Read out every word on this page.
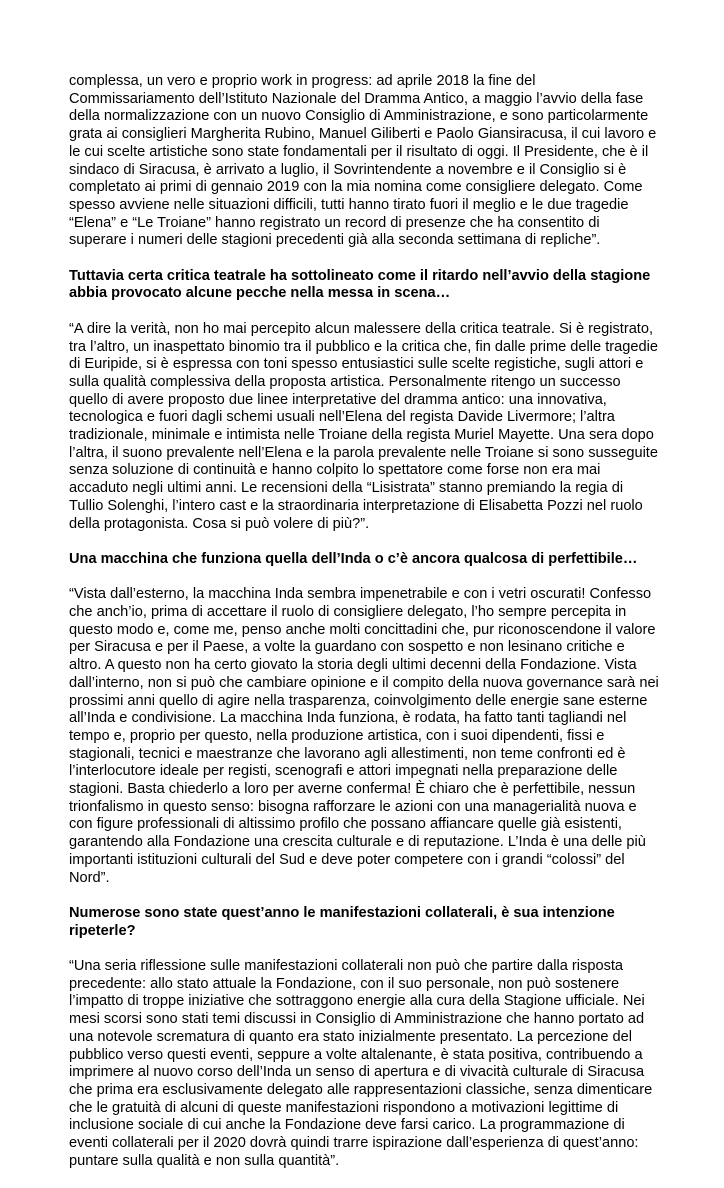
complessa, un vero e proprio work in progress: ad aprile 2018 la fine del Commissariamento dell’Istituto Nazionale del Dramma Antico, a maggio l’avvio della fase della normalizzazione con un nuovo Consiglio di Amministrazione, e sono particolarmente grata ai consiglieri Margherita Rubino, Manuel Giliberti e Paolo Giansiracusa, il cui lavoro e le cui scelte artistiche sono state fondamentali per il risultato di oggi. Il Presidente, che è il sindaco di Siracusa, è arrivato a luglio, il Sovrintendente a novembre e il Consiglio si è completato ai primi di gennaio 2019 con la mia nomina come consigliere delegato. Come spesso avviene nelle situazioni difficili, tutti hanno tirato fuori il meglio e le due tragedie “Elena” e “Le Troiane” hanno registrato un record di presenze che ha consentito di superare i numeri delle stagioni precedenti già alla seconda settimana di repliche”.

Tuttavia certa critica teatrale ha sottolineato come il ritardo nell’avvio della stagione abbia provocato alcune pecche nella messa in scena…

“A dire la verità, non ho mai percepito alcun malessere della critica teatrale. Si è registrato, tra l’altro, un inaspettato binomio tra il pubblico e la critica che, fin dalle prime delle tragedie di Euripide, si è espressa con toni spesso entusiastici sulle scelte registiche, sugli attori e sulla qualità complessiva della proposta artistica. Personalmente ritengo un successo quello di avere proposto due linee interpretative del dramma antico: una innovativa, tecnologica e fuori dagli schemi usuali nell’Elena del regista Davide Livermore; l’altra tradizionale, minimale e intimista nelle Troiane della regista Muriel Mayette. Una sera dopo l’altra, il suono prevalente nell’Elena e la parola prevalente nelle Troiane si sono susseguite senza soluzione di continuità e hanno colpito lo spettatore come forse non era mai accaduto negli ultimi anni. Le recensioni della “Lisistrata” stanno premiando la regia di Tullio Solenghi, l’intero cast e la straordinaria interpretazione di Elisabetta Pozzi nel ruolo della protagonista. Cosa si può volere di più?”.

Una macchina che funziona quella dell’Inda o c’è ancora qualcosa di perfettibile…

“Vista dall’esterno, la macchina Inda sembra impenetrabile e con i vetri oscurati! Confesso che anch’io, prima di accettare il ruolo di consigliere delegato, l’ho sempre percepita in questo modo e, come me, penso anche molti concittadini che, pur riconoscendone il valore per Siracusa e per il Paese, a volte la guardano con sospetto e non lesinano critiche e altro. A questo non ha certo giovato la storia degli ultimi decenni della Fondazione. Vista dall’interno, non si può che cambiare opinione e il compito della nuova governance sarà nei prossimi anni quello di agire nella trasparenza, coinvolgimento delle energie sane esterne all’Inda e condivisione. La macchina Inda funziona, è rodata, ha fatto tanti tagliandi nel tempo e, proprio per questo, nella produzione artistica, con i suoi dipendenti, fissi e stagionali, tecnici e maestranze che lavorano agli allestimenti, non teme confronti ed è l’interlocutore ideale per registi, scenografi e attori impegnati nella preparazione delle stagioni. Basta chiederlo a loro per averne conferma! È chiaro che è perfettibile, nessun trionfalismo in questo senso: bisogna rafforzare le azioni con una managerialità nuova e con figure professionali di altissimo profilo che possano affiancare quelle già esistenti, garantendo alla Fondazione una crescita culturale e di reputazione. L’Inda è una delle più importanti istituzioni culturali del Sud e deve poter competere con i grandi “colossi” del Nord”.

Numerose sono state quest’anno le manifestazioni collaterali, è sua intenzione ripeterle?

“Una seria riflessione sulle manifestazioni collaterali non può che partire dalla risposta precedente: allo stato attuale la Fondazione, con il suo personale, non può sostenere l’impatto di troppe iniziative che sottraggono energie alla cura della Stagione ufficiale. Nei mesi scorsi sono stati temi discussi in Consiglio di Amministrazione che hanno portato ad una notevole scrematura di quanto era stato inizialmente presentato. La percezione del pubblico verso questi eventi, seppure a volte altalenante, è stata positiva, contribuendo a imprimere al nuovo corso dell’Inda un senso di apertura e di vivacità culturale di Siracusa che prima era esclusivamente delegato alle rappresentazioni classiche, senza dimenticare che le gratuità di alcuni di queste manifestazioni rispondono a motivazioni legittime di inclusione sociale di cui anche la Fondazione deve farsi carico. La programmazione di eventi collaterali per il 2020 dovrà quindi trarre ispirazione dall’esperienza di quest’anno: puntare sulla qualità e non sulla quantità”.
